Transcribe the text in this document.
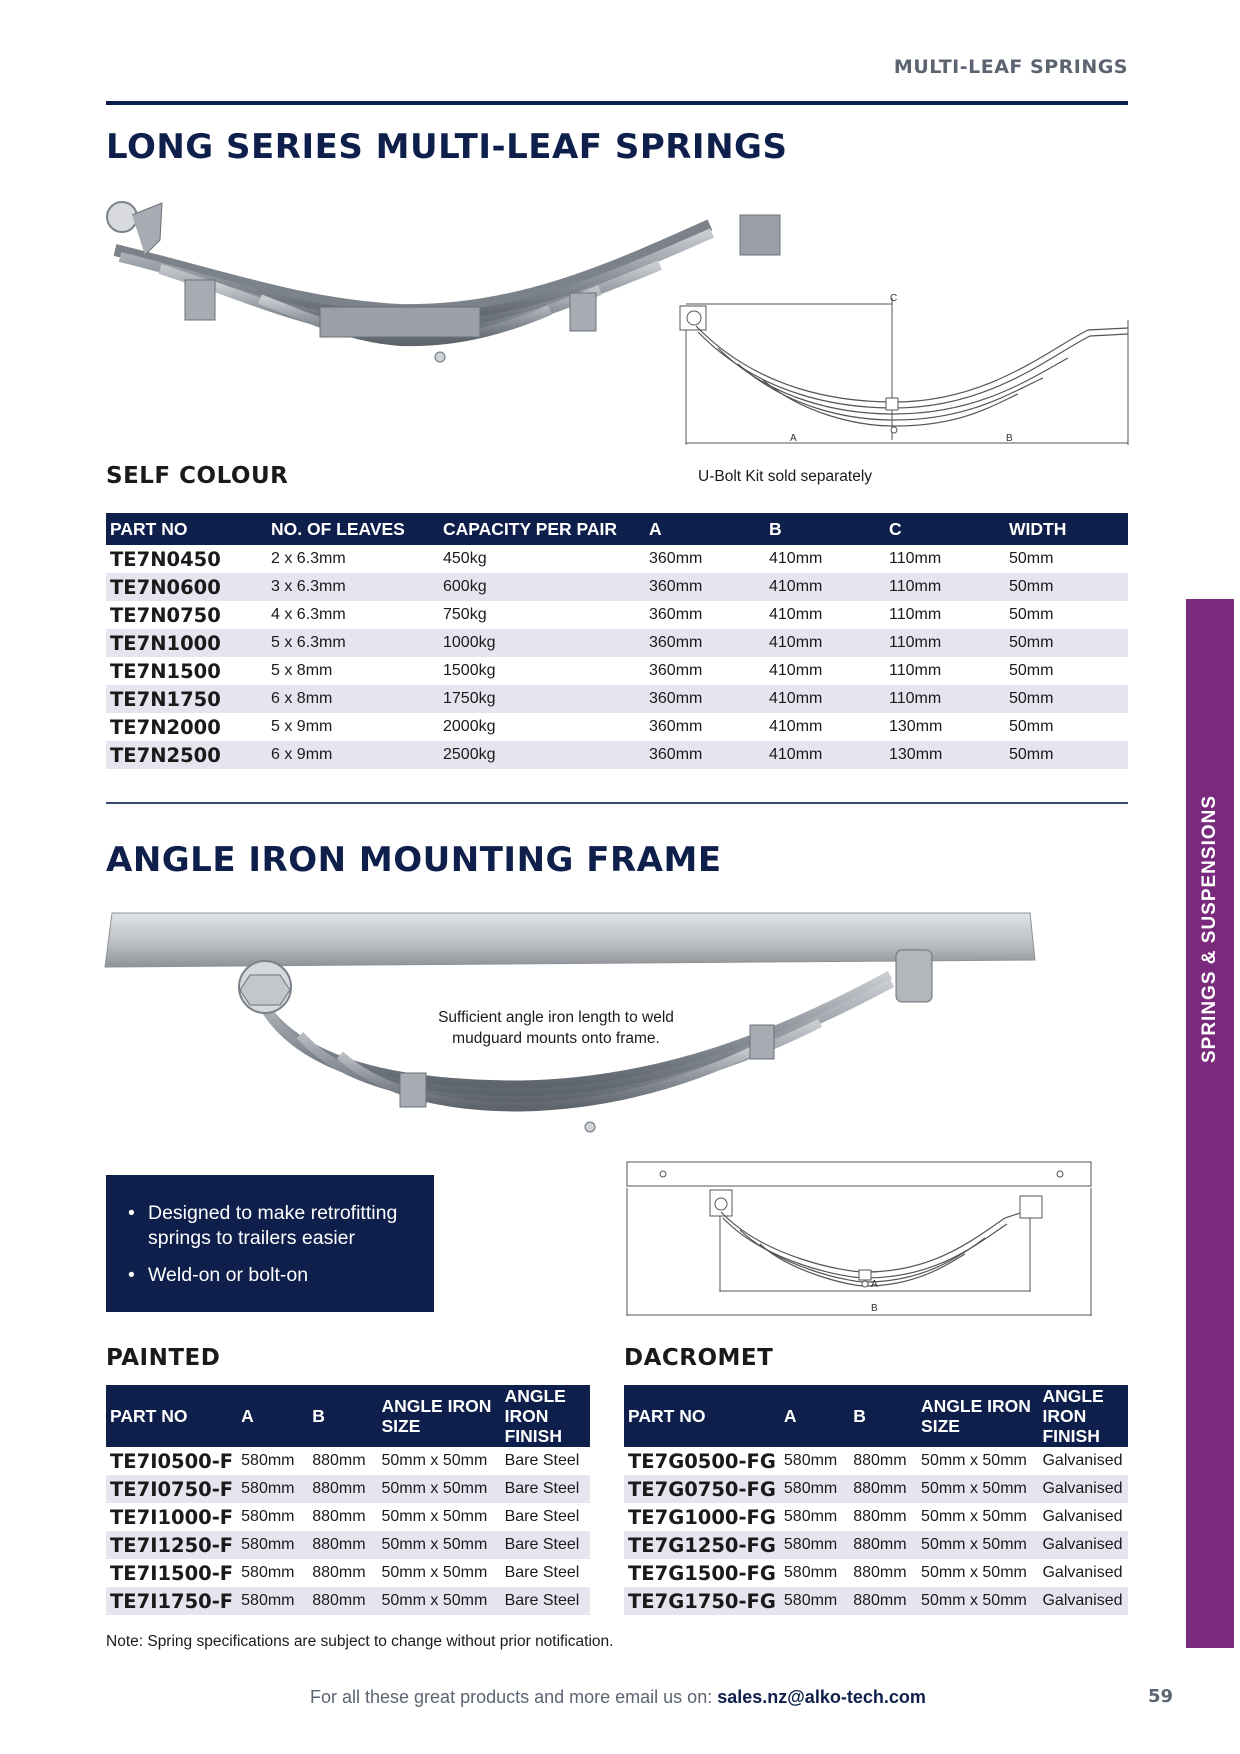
MULTI-LEAF SPRINGS
LONG SERIES MULTI-LEAF SPRINGS
C
A	B
SELF COLOUR	U-Bolt Kit sold separately
PART NO	NO. OF LEAVES	CAPACITY PER PAIR	A	B	C	WIDTH
TE7N0450	2 x 6.3mm	450kg	360mm	410mm	110mm	50mm
TE7N0600	3 x 6.3mm	600kg	360mm	410mm	110mm	50mm
TE7N0750	4 x 6.3mm	750kg	360mm	410mm	110mm	50mm
TE7N1000	5 x 6.3mm	1000kg	360mm	410mm	110mm	50mm
TE7N1500	5 x 8mm	1500kg	360mm	410mm	110mm	50mm
TE7N1750	6 x 8mm	1750kg	360mm	410mm	110mm	50mm
TE7N2000	5 x 9mm	2000kg	360mm	410mm	130mm	50mm
TE7N2500	6 x 9mm	2500kg	360mm	410mm	130mm	50mm
ANGLE IRON MOUNTING FRAME
Sufficient angle iron length to weld
mudguard mounts onto frame.
• Designed to make retrofitting springs to trailers easier
• Weld-on or bolt-on	A
B
PAINTED	DACROMET
PART NO	A	B	ANGLE IRON SIZE	ANGLE IRON FINISH
TE7I0500-F	580mm	880mm	50mm x 50mm	Bare Steel
TE7I0750-F	580mm	880mm	50mm x 50mm	Bare Steel
TE7I1000-F	580mm	880mm	50mm x 50mm	Bare Steel
TE7I1250-F	580mm	880mm	50mm x 50mm	Bare Steel
TE7I1500-F	580mm	880mm	50mm x 50mm	Bare Steel
TE7I1750-F	580mm	880mm	50mm x 50mm	Bare Steel
PART NO	A	B	ANGLE IRON SIZE	ANGLE IRON FINISH
TE7G0500-FG	580mm	880mm	50mm x 50mm	Galvanised
TE7G0750-FG	580mm	880mm	50mm x 50mm	Galvanised
TE7G1000-FG	580mm	880mm	50mm x 50mm	Galvanised
TE7G1250-FG	580mm	880mm	50mm x 50mm	Galvanised
TE7G1500-FG	580mm	880mm	50mm x 50mm	Galvanised
TE7G1750-FG	580mm	880mm	50mm x 50mm	Galvanised
Note: Spring specifications are subject to change without prior notification.
SPRINGS & SUSPENSIONS
For all these great products and more email us on: sales.nz@alko-tech.com	59
